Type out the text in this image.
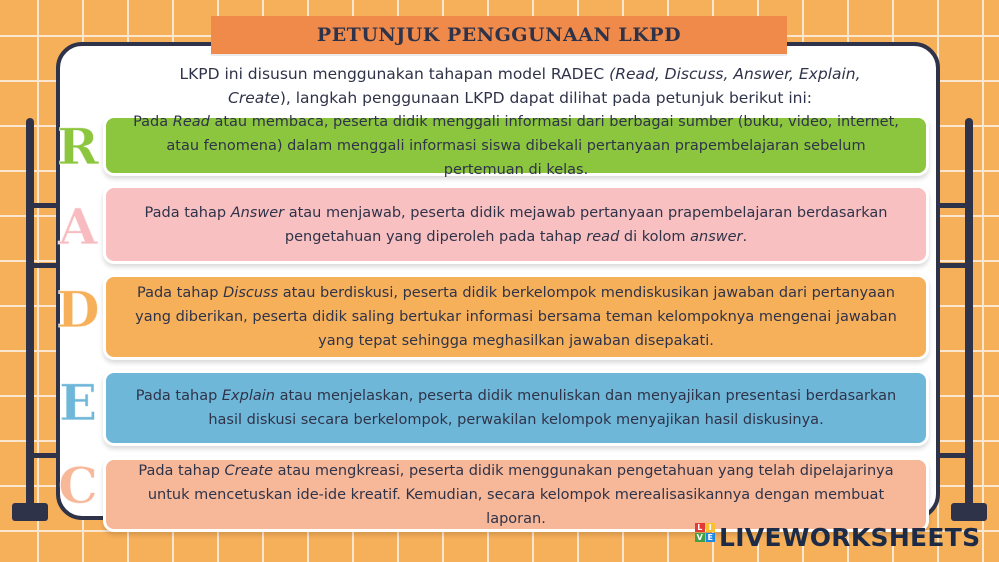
PETUNJUK PENGGUNAAN LKPD
LKPD ini disusun menggunakan tahapan model RADEC (Read, Discuss, Answer, Explain,
Create), langkah penggunaan LKPD dapat dilihat pada petunjuk berikut ini:
R
A
D
E
C
Pada Read atau membaca, peserta didik menggali informasi dari berbagai sumber (buku, video, internet, atau fenomena) dalam menggali informasi siswa dibekali pertanyaan prapembelajaran sebelum pertemuan di kelas.
Pada tahap Answer atau menjawab, peserta didik mejawab pertanyaan prapembelajaran berdasarkan pengetahuan yang diperoleh pada tahap read di kolom answer.
Pada tahap Discuss atau berdiskusi, peserta didik berkelompok mendiskusikan jawaban dari pertanyaan yang diberikan, peserta didik saling bertukar informasi bersama teman kelompoknya mengenai jawaban yang tepat sehingga meghasilkan jawaban disepakati.
Pada tahap Explain atau menjelaskan, peserta didik menuliskan dan menyajikan presentasi berdasarkan hasil diskusi secara berkelompok, perwakilan kelompok menyajikan hasil diskusinya.
Pada tahap Create atau mengkreasi, peserta didik menggunakan pengetahuan yang telah dipelajarinya untuk mencetuskan ide-ide kreatif. Kemudian, secara kelompok merealisasikannya dengan membuat laporan.
L I
V E LIVEWORKSHEETS
